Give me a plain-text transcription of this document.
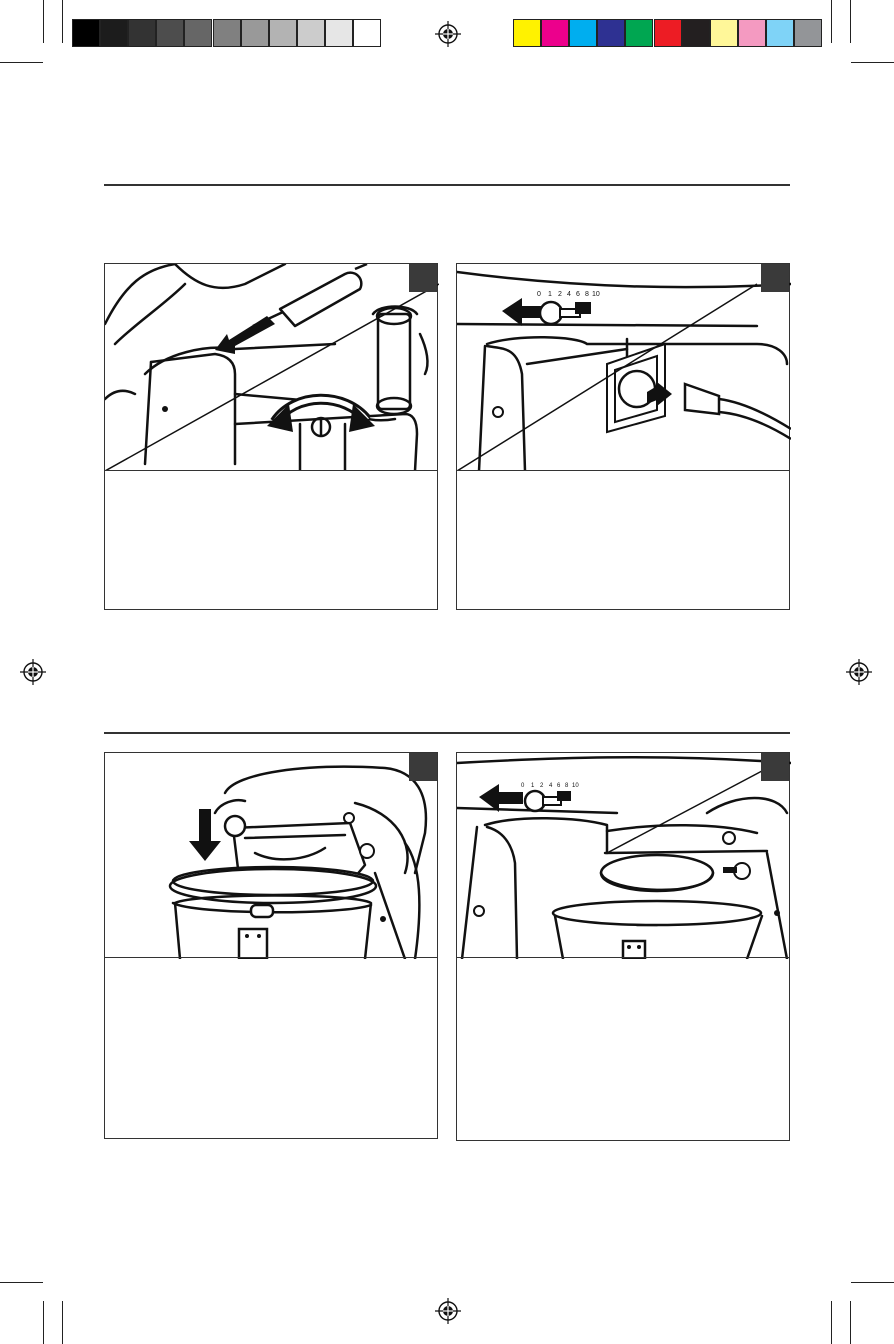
0 1 2 4 6 8 10
0 1 2 4 6 8 10
